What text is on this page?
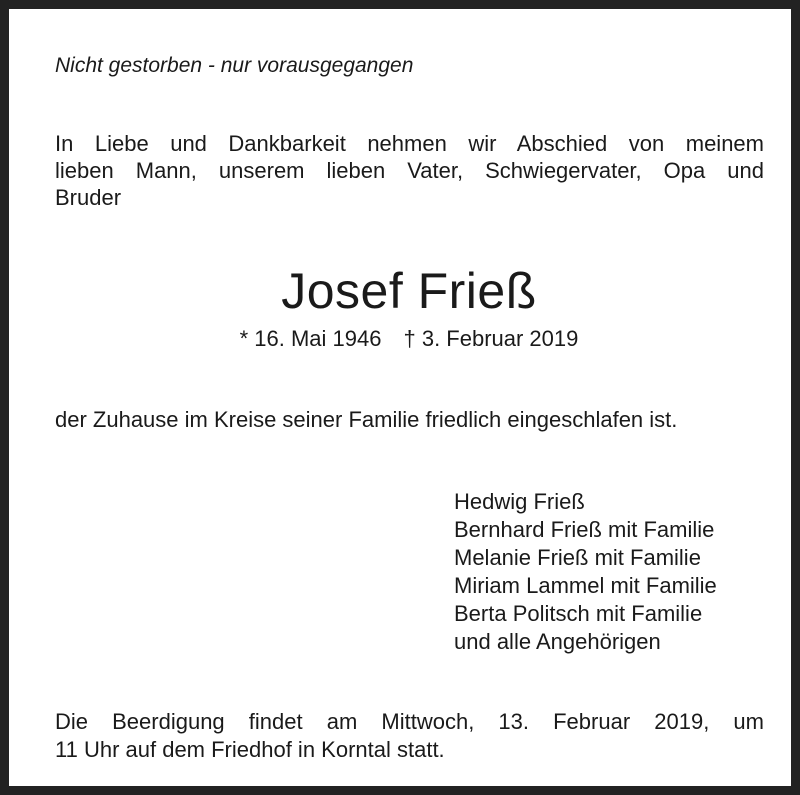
Nicht gestorben - nur vorausgegangen
In Liebe und Dankbarkeit nehmen wir Abschied von meinem
lieben Mann, unserem lieben Vater, Schwiegervater, Opa und
Bruder
Josef Frieß
* 16. Mai 1946 † 3. Februar 2019
der Zuhause im Kreise seiner Familie friedlich eingeschlafen ist.
Hedwig Frieß
Bernhard Frieß mit Familie
Melanie Frieß mit Familie
Miriam Lammel mit Familie
Berta Politsch mit Familie
und alle Angehörigen
Die Beerdigung findet am Mittwoch, 13. Februar 2019, um
11 Uhr auf dem Friedhof in Korntal statt.
